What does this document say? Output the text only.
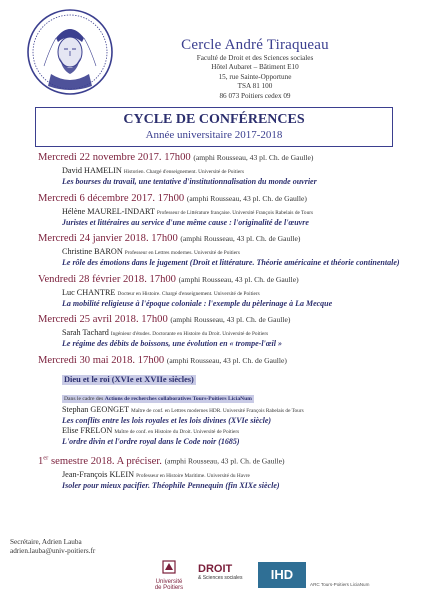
Cercle André Tiraqueau
Faculté de Droit et des Sciences sociales
Hôtel Aubaret – Bâtiment E10
15, rue Sainte-Opportune
TSA 81 100
86 073 Poitiers cedex 09
CYCLE DE CONFÉRENCES
Année universitaire 2017-2018
Mercredi 22 novembre 2017. 17h00 (amphi Rousseau, 43 pl. Ch. de Gaulle)
David HAMELIN Historien. Chargé d'enseignement. Université de Poitiers
Les bourses du travail, une tentative d'institutionnalisation du monde ouvrier
Mercredi 6 décembre 2017. 17h00 (amphi Rousseau, 43 pl. Ch. de Gaulle)
Hélène MAUREL-INDART Professeur de Littérature française. Université François Rabelais de Tours
Juristes et littéraires au service d'une même cause : l'originalité de l'œuvre
Mercredi 24 janvier 2018. 17h00 (amphi Rousseau, 43 pl. Ch. de Gaulle)
Christine BARON Professeur en Lettres modernes. Université de Poitiers
Le rôle des émotions dans le jugement (Droit et littérature. Théorie américaine et théorie continentale)
Vendredi 28 février 2018. 17h00 (amphi Rousseau, 43 pl. Ch. de Gaulle)
Luc CHANTRE Docteur en Histoire. Chargé d'enseignement. Université de Poitiers
La mobilité religieuse à l'époque coloniale : l'exemple du pèlerinage à La Mecque
Mercredi 25 avril 2018. 17h00 (amphi Rousseau, 43 pl. Ch. de Gaulle)
Sarah Tachard Ingénieur d'études. Doctorante en Histoire du Droit. Université de Poitiers
Le régime des débits de boissons, une évolution en « trompe-l'œil »
Mercredi 30 mai 2018. 17h00 (amphi Rousseau, 43 pl. Ch. de Gaulle)
Dieu et le roi (XVIe et XVIIe siècles)
Dans le cadre des Actions de recherches collaboratives Tours-Poitiers LiciaNum
Stephan GEONGET Maître de conf. en Lettres modernes HDR. Université François Rabelais de Tours
Les conflits entre les lois royales et les lois divines (XVIe siècle)
Elise FRELON Maître de conf. en Histoire du Droit. Université de Poitiers
L'ordre divin et l'ordre royal dans le Code noir (1685)
1er semestre 2018. A préciser. (amphi Rousseau, 43 pl. Ch. de Gaulle)
Jean-François KLEIN Professeur en Histoire Maritime. Université du Havre
Isoler pour mieux pacifier. Théophile Pennequin (fin XIXe siècle)
Secrétaire, Adrien Lauba
adrien.lauba@univ-poitiers.fr
Université
de Poitiers
DROIT
& Sciences sociales	IHD
ARC Tours-Poitiers LiciaNum
